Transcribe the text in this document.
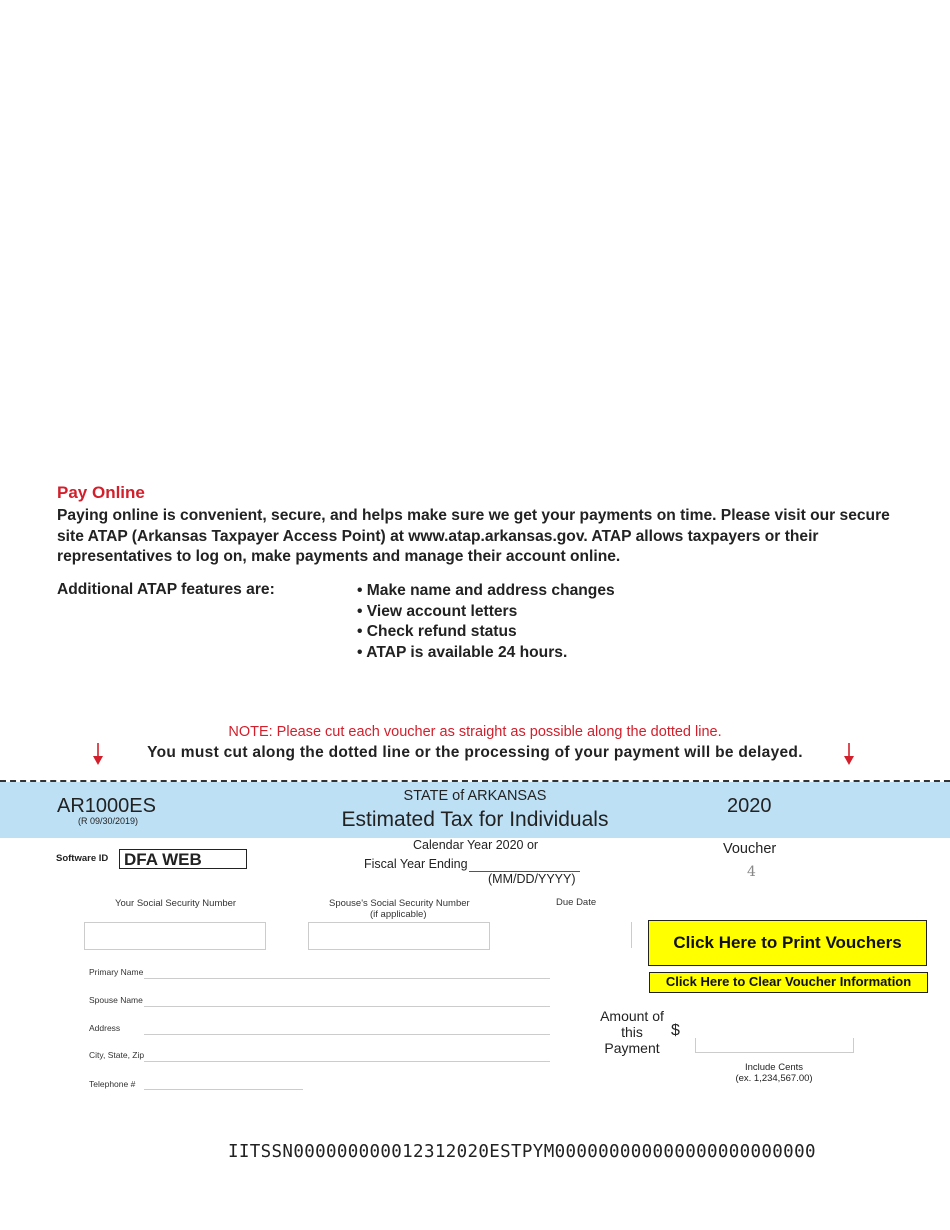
Pay Online
Paying online is convenient, secure, and helps make sure we get your payments on time. Please visit our secure site ATAP (Arkansas Taxpayer Access Point) at www.atap.arkansas.gov. ATAP allows taxpayers or their representatives to log on, make payments and manage their account online.
Additional ATAP features are:	• Make name and address changes
• View account letters
• Check refund status
• ATAP is available 24 hours.
NOTE: Please cut each voucher as straight as possible along the dotted line.
You must cut along the dotted line or the processing of your payment will be delayed.
AR1000ES
(R 09/30/2019)
STATE of ARKANSAS
Estimated Tax for Individuals
2020
Software ID DFA WEB
Calendar Year 2020 or
Fiscal Year Ending
(MM/DD/YYYY)
Voucher
4
Your Social Security Number	Spouse's Social Security Number
(if applicable)
Due Date
Primary Name
Spouse Name
Address
City, State, Zip
Telephone #
Click Here to Print Vouchers
Click Here to Clear Voucher Information
Amount of this Payment
$
Include Cents
(ex. 1,234,567.00)
IITSSN000000000012312020ESTPYM000000000000000000000000
